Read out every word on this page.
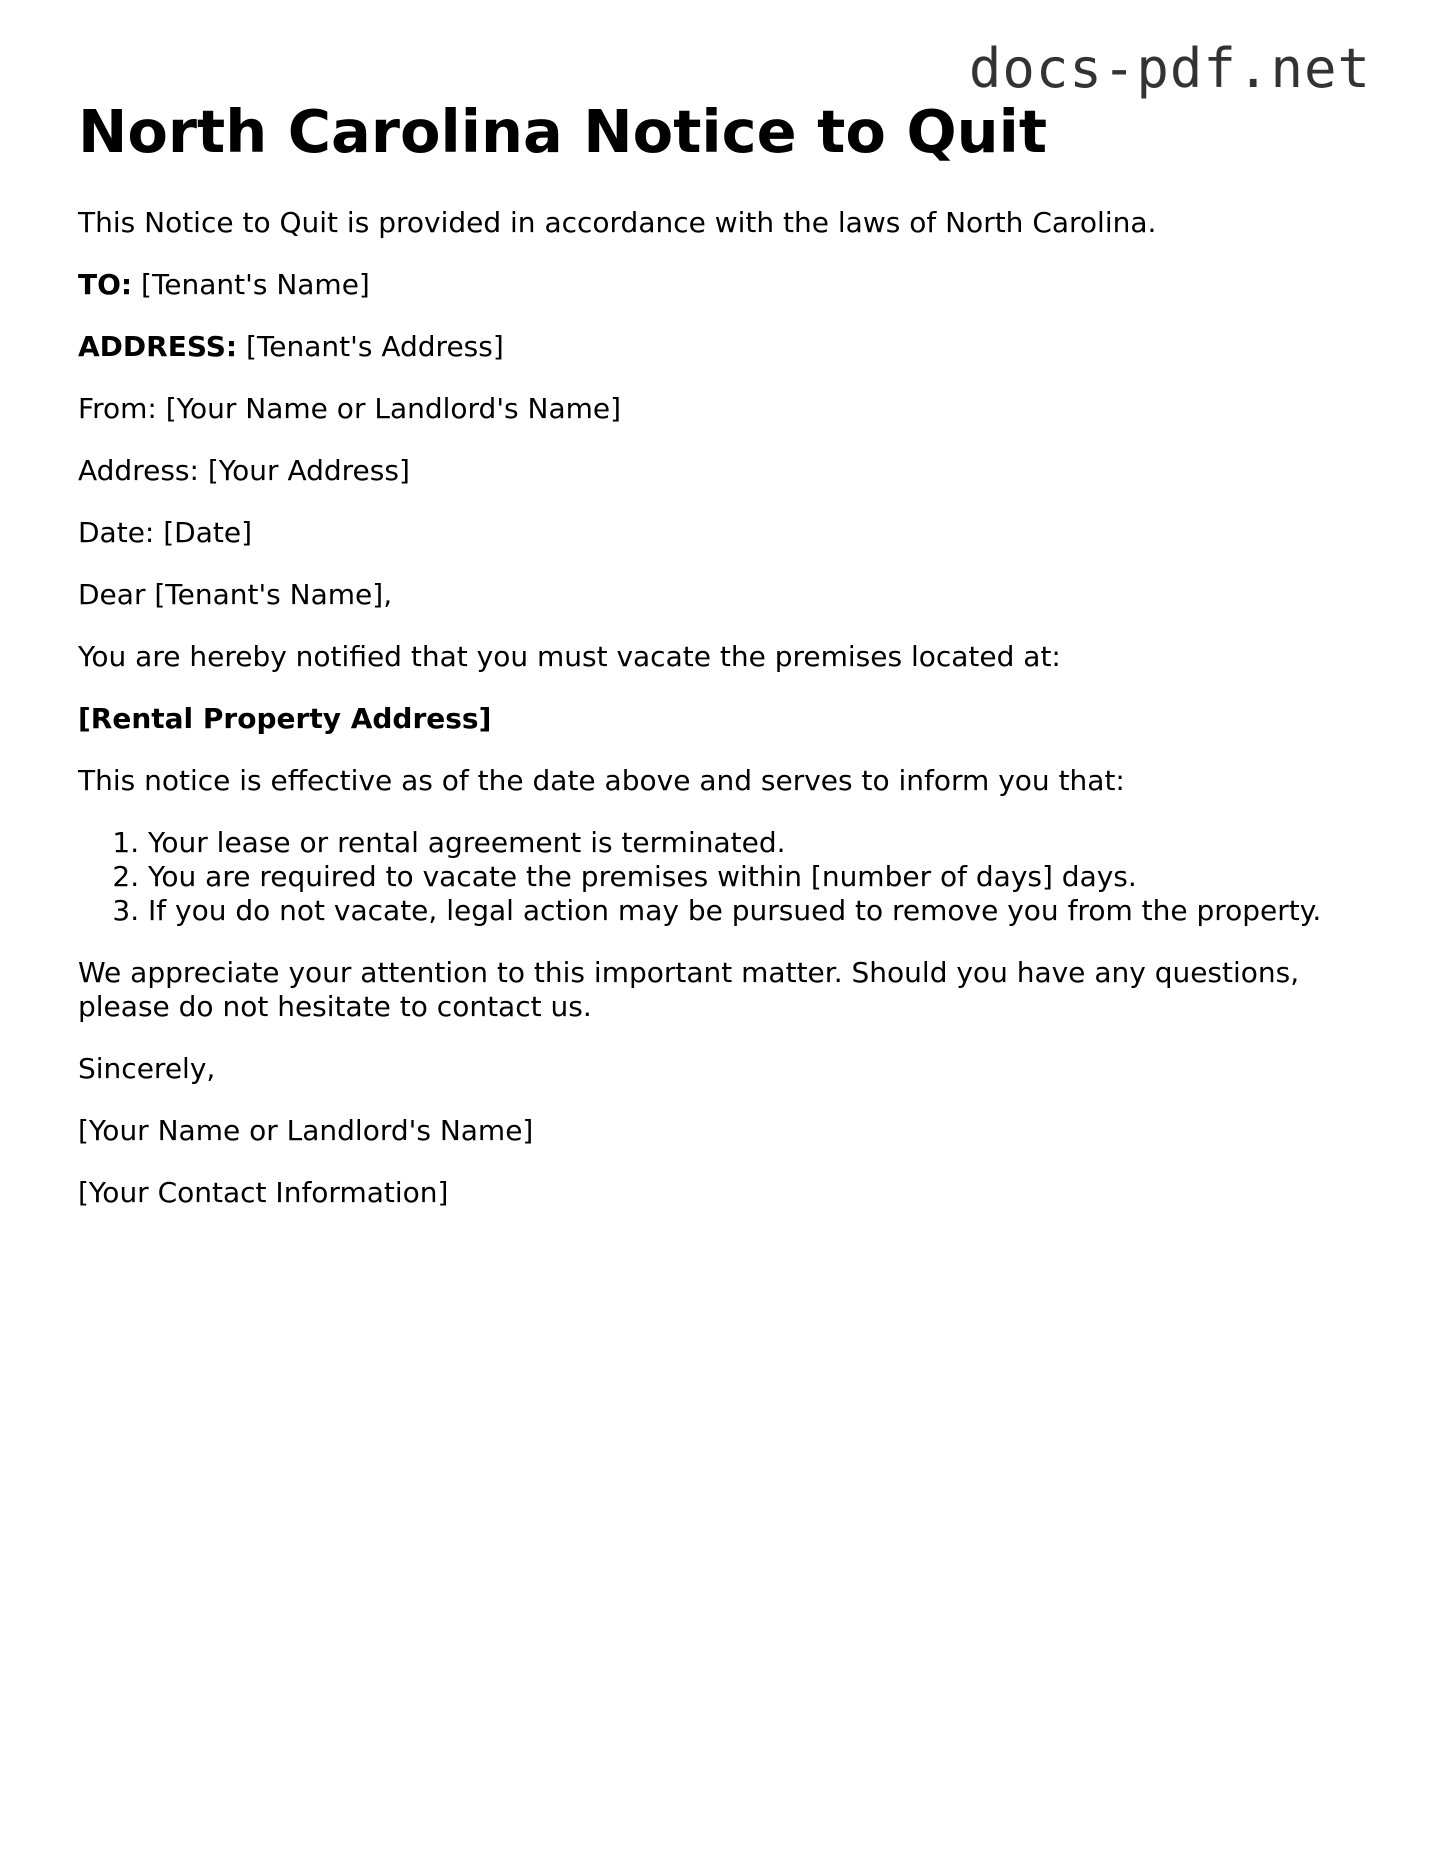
docs-pdf.net
North Carolina Notice to Quit

This Notice to Quit is provided in accordance with the laws of North Carolina.

TO: [Tenant's Name]

ADDRESS: [Tenant's Address]

From: [Your Name or Landlord's Name]

Address: [Your Address]

Date: [Date]

Dear [Tenant's Name],

You are hereby notified that you must vacate the premises located at:

[Rental Property Address]

This notice is effective as of the date above and serves to inform you that:

1. Your lease or rental agreement is terminated.
2. You are required to vacate the premises within [number of days] days.
3. If you do not vacate, legal action may be pursued to remove you from the property.

We appreciate your attention to this important matter. Should you have any questions, please do not hesitate to contact us.

Sincerely,

[Your Name or Landlord's Name]

[Your Contact Information]
